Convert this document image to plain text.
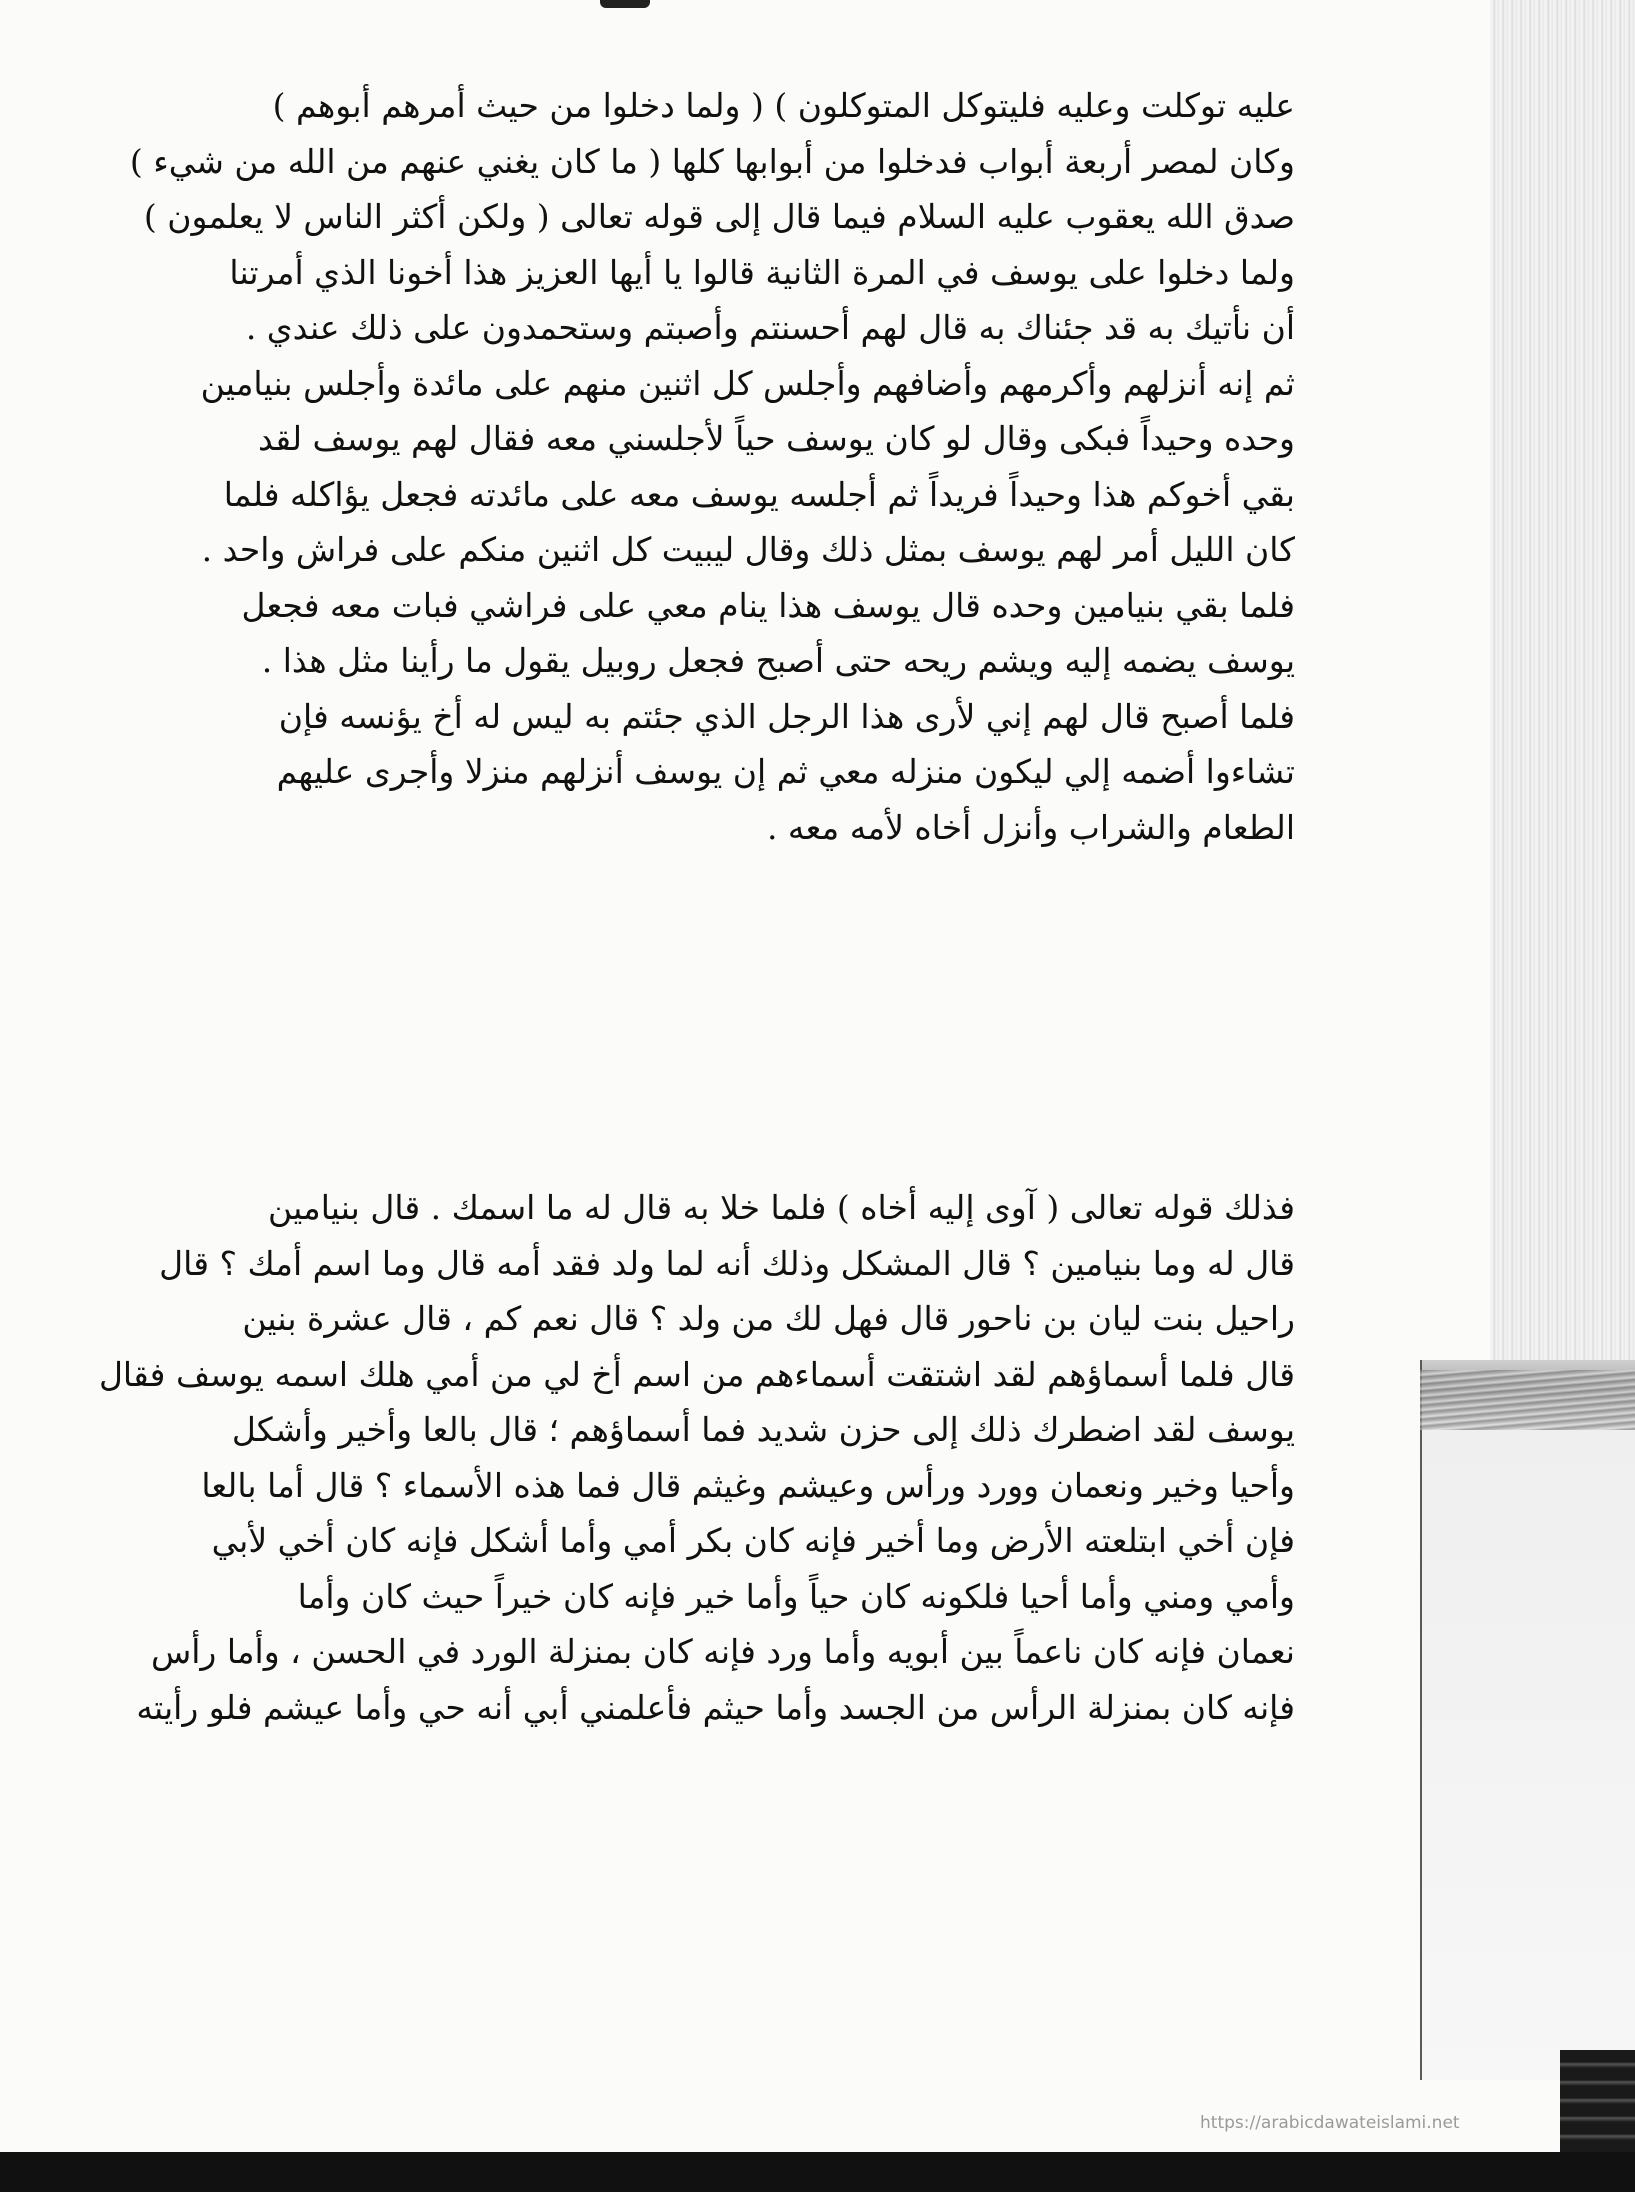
عليه توكلت وعليه فليتوكل المتوكلون ) ( ولما دخلوا من حيث أمرهم أبوهم )
وكان لمصر أربعة أبواب فدخلوا من أبوابها كلها ( ما كان يغني عنهم من الله من شيء )
صدق الله يعقوب عليه السلام فيما قال إلى قوله تعالى ( ولكن أكثر الناس لا يعلمون )
ولما دخلوا على يوسف في المرة الثانية قالوا يا أيها العزيز هذا أخونا الذي أمرتنا
أن نأتيك به قد جئناك به قال لهم أحسنتم وأصبتم وستحمدون على ذلك عندي .
ثم إنه أنزلهم وأكرمهم وأضافهم وأجلس كل اثنين منهم على مائدة وأجلس بنيامين
وحده وحيداً فبكى وقال لو كان يوسف حياً لأجلسني معه فقال لهم يوسف لقد
بقي أخوكم هذا وحيداً فريداً ثم أجلسه يوسف معه على مائدته فجعل يؤاكله فلما
كان الليل أمر لهم يوسف بمثل ذلك وقال ليبيت كل اثنين منكم على فراش واحد .
فلما بقي بنيامين وحده قال يوسف هذا ينام معي على فراشي فبات معه فجعل
يوسف يضمه إليه ويشم ريحه حتى أصبح فجعل روبيل يقول ما رأينا مثل هذا .
فلما أصبح قال لهم إني لأرى هذا الرجل الذي جئتم به ليس له أخ يؤنسه فإن
تشاءوا أضمه إلي ليكون منزله معي ثم إن يوسف أنزلهم منزلا وأجرى عليهم
الطعام والشراب وأنزل أخاه لأمه معه .
فذلك قوله تعالى ( آوى إليه أخاه ) فلما خلا به قال له ما اسمك . قال بنيامين
قال له وما بنيامين ؟ قال المشكل وذلك أنه لما ولد فقد أمه قال وما اسم أمك ؟ قال
راحيل بنت ليان بن ناحور قال فهل لك من ولد ؟ قال نعم كم ، قال عشرة بنين
قال فلما أسماؤهم لقد اشتقت أسماءهم من اسم أخ لي من أمي هلك اسمه يوسف فقال
يوسف لقد اضطرك ذلك إلى حزن شديد فما أسماؤهم ؛ قال بالعا وأخير وأشكل
وأحيا وخير ونعمان وورد ورأس وعيشم وغيثم قال فما هذه الأسماء ؟ قال أما بالعا
فإن أخي ابتلعته الأرض وما أخير فإنه كان بكر أمي وأما أشكل فإنه كان أخي لأبي
وأمي ومني وأما أحيا فلكونه كان حياً وأما خير فإنه كان خيراً حيث كان وأما
نعمان فإنه كان ناعماً بين أبويه وأما ورد فإنه كان بمنزلة الورد في الحسن ، وأما رأس
فإنه كان بمنزلة الرأس من الجسد وأما حيثم فأعلمني أبي أنه حي وأما عيشم فلو رأيته
https://arabicdawateislami.net
